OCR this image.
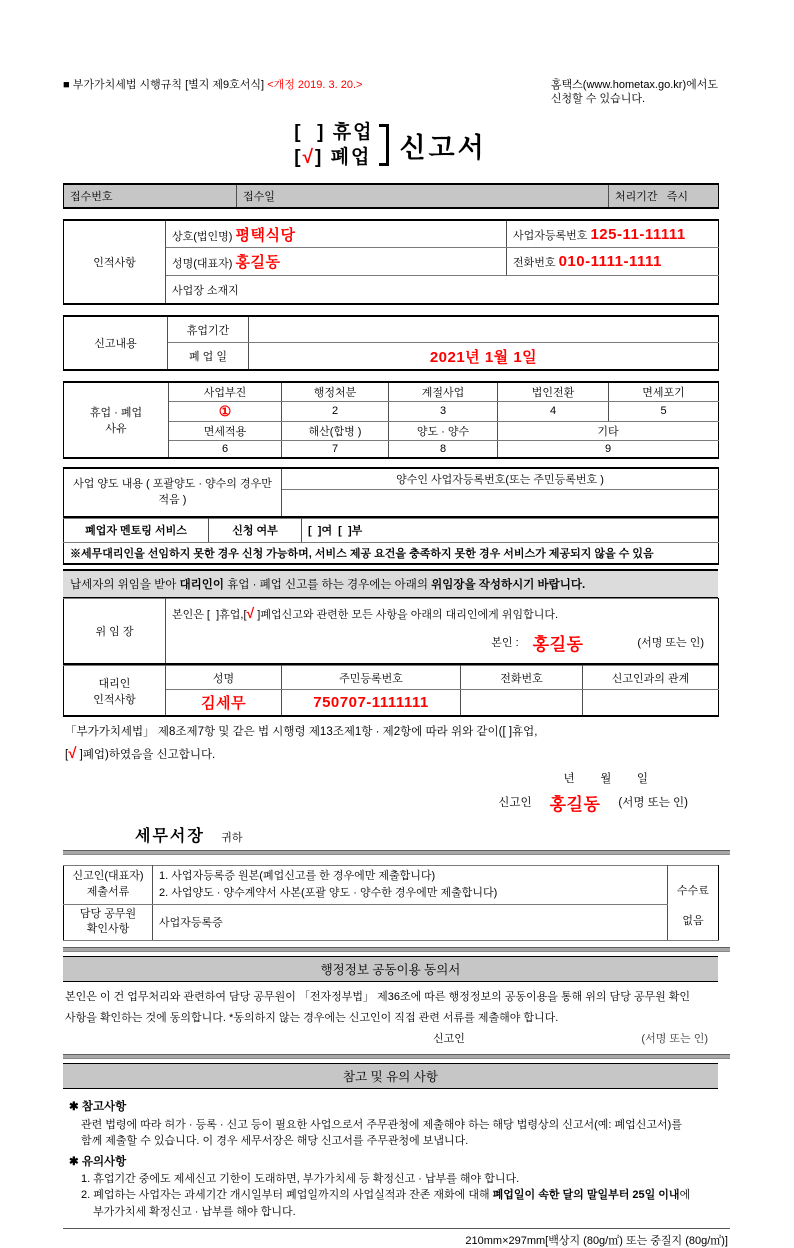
■ 부가가치세법 시행규칙 [별지 제9호서식] <개정 2019. 3. 20.>	홈택스(www.hometax.go.kr)에서도
신청할 수 있습니다.
[  ] 휴업
[√] 폐업 신고서
접수번호	접수일	처리기간 즉시
인적사항	상호(법인명) 평택식당	사업자등록번호 125-11-11111
	성명(대표자) 홍길동	전화번호 010-1111-1111
	사업장 소재지	
신고내용	휴업기간	
	폐 업 일	2021년 1월 1일
휴업 · 폐업
사유	사업부진	행정처분	계절사업	법인전환	면세포기
	①	2	3	4	5
	면세적용	해산(합병 )	양도 · 양수	기타	
	6	7	8	9	
사업 양도 내용 ( 포괄양도 · 양수의 경우만 적음 )	양수인 사업자등록번호(또는 주민등록번호 )

폐업자 멘토링 서비스	신청 여부	[  ]여  [  ]부
※세무대리인을 선임하지 못한 경우 신청 가능하며, 서비스 제공 요건을 충족하지 못한 경우 서비스가 제공되지 않을 수 있음
납세자의 위임을 받아 대리인이 휴업 · 폐업 신고를 하는 경우에는 아래의 위임장을 작성하시기 바랍니다.
위 임 장	
본인은 [  ]휴업,[√ ]폐업신고와 관련한 모든 사항을 아래의 대리인에게 위임합니다.
본인 : 홍길동	(서명 또는 인)
대리인
인적사항	성명	주민등록번호	전화번호	신고인과의 관계
	김세무	750707-1111111		
「부가가치세법」 제8조제7항 및 같은 법 시행령 제13조제1항 · 제2항에 따라 위와 같이([ ]휴업,
[√ ]폐업)하였음을 신고합니다.
년        월        일
신고인 홍길동 (서명 또는 인)
세무서장 귀하
신고인(대표자)
제출서류	
1. 사업자등록증 원본(폐업신고를 한 경우에만 제출합니다)
2. 사업양도 · 양수계약서 사본(포괄 양도 · 양수한 경우에만 제출합니다)	수수료
없음
담당 공무원
확인사항	사업자등록증	
행정정보 공동이용 동의서
본인은 이 건 업무처리와 관련하여 담당 공무원이 「전자정부법」 제36조에 따른 행정정보의 공동이용을 통해 위의 담당 공무원 확인
사항을 확인하는 것에 동의합니다. *동의하지 않는 경우에는 신고인이 직접 관련 서류를 제출해야 합니다.
신고인	(서명 또는 인)
참고 및 유의 사항
✱ 참고사항
관련 법령에 따라 허가 · 등록 · 신고 등이 필요한 사업으로서 주무관청에 제출해야 하는 해당 법령상의 신고서(예: 폐업신고서)를
함께 제출할 수 있습니다. 이 경우 세무서장은 해당 신고서를 주무관청에 보냅니다.
✱ 유의사항
1. 휴업기간 중에도 제세신고 기한이 도래하면, 부가가치세 등 확정신고 · 납부를 해야 합니다.
2. 폐업하는 사업자는 과세기간 개시일부터 폐업일까지의 사업실적과 잔존 재화에 대해 폐업일이 속한 달의 말일부터 25일 이내에
부가가치세 확정신고 · 납부를 해야 합니다.
210mm×297mm[백상지 (80g/㎡) 또는 중질지 (80g/㎡)]
